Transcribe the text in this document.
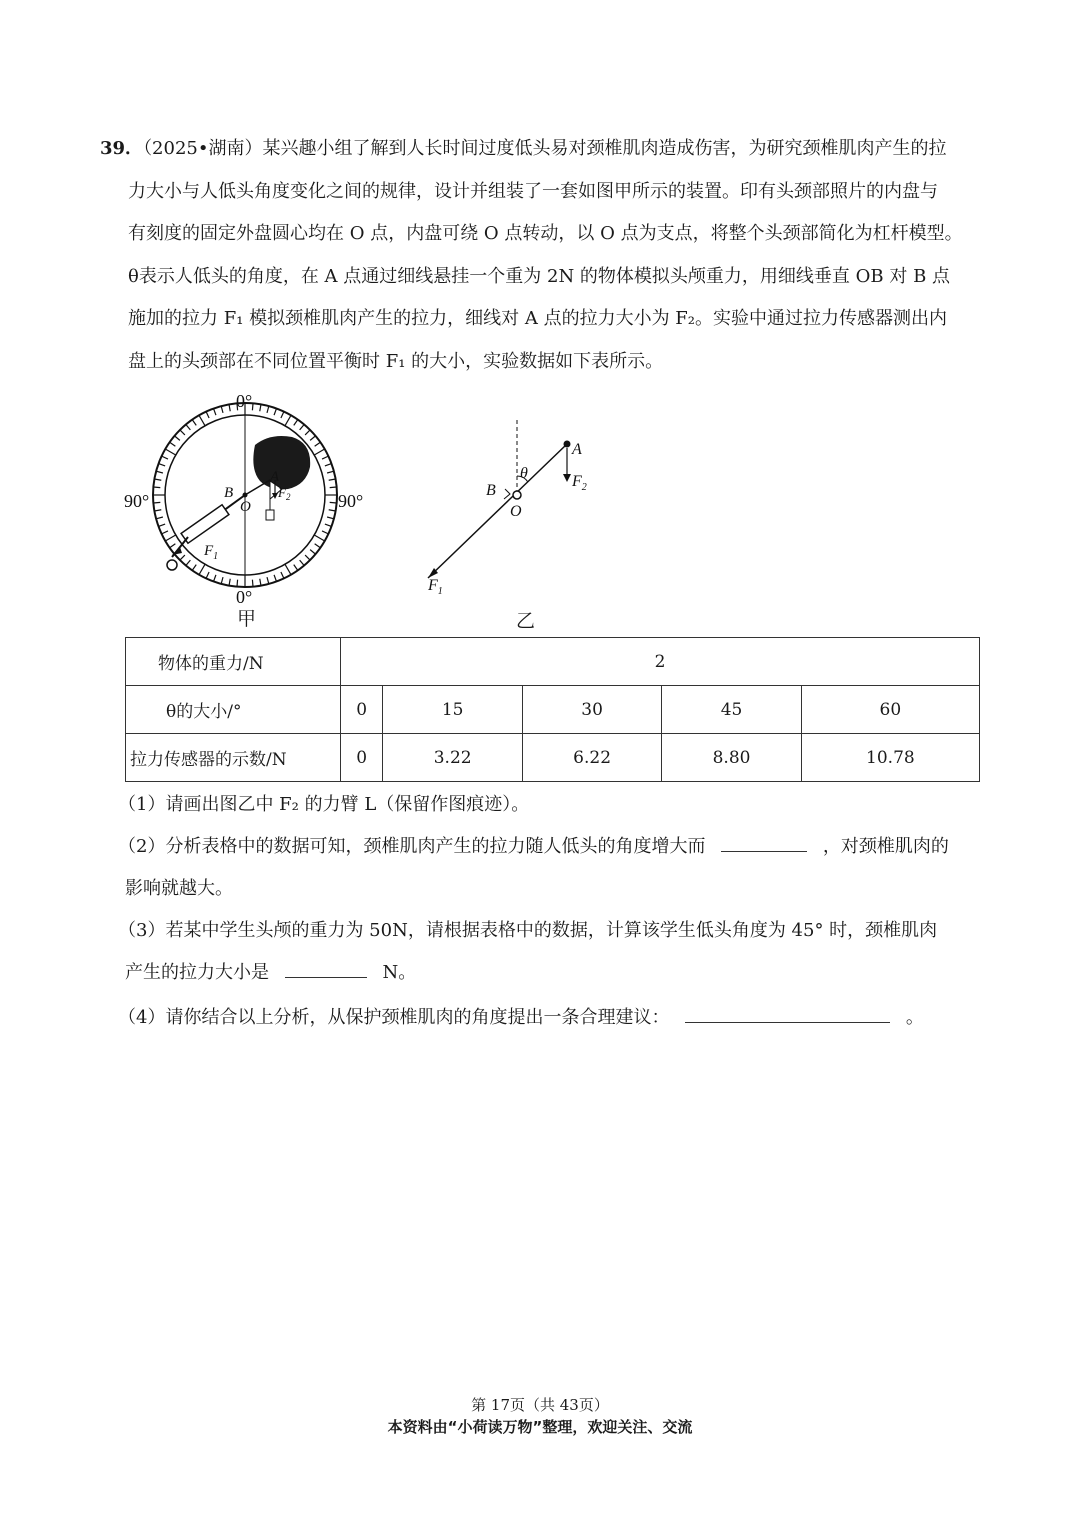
39．（2025•湖南）某兴趣小组了解到人长时间过度低头易对颈椎肌肉造成伤害，为研究颈椎肌肉产生的拉
力大小与人低头角度变化之间的规律，设计并组装了一套如图甲所示的装置。印有头颈部照片的内盘与
有刻度的固定外盘圆心均在 O 点，内盘可绕 O 点转动，以 O 点为支点，将整个头颈部简化为杠杆模型。
θ表示人低头的角度，在 A 点通过细线悬挂一个重为 2N 的物体模拟头颅重力，用细线垂直 OB 对 B 点
施加的拉力 F₁ 模拟颈椎肌肉产生的拉力，细线对 A 点的拉力大小为 F₂。实验中通过拉力传感器测出内
盘上的头颈部在不同位置平衡时 F₁ 的大小，实验数据如下表所示。
0°
0°
90°	90°
A
B
O
$F_1$
$F_2$
甲
θ
A
B
O
$F_2$
$F_1$
乙
物体的重力/N	2				
θ的大小/°	0	15	30	45	60
拉力传感器的示数/N	0	3.22	6.22	8.80	10.78
（1）请画出图乙中 F₂ 的力臂 L（保留作图痕迹）。
（2）分析表格中的数据可知，颈椎肌肉产生的拉力随人低头的角度增大而	，对颈椎肌肉的
影响就越大。
（3）若某中学生头颅的重力为 50N，请根据表格中的数据，计算该学生低头角度为 45° 时，颈椎肌肉
产生的拉力大小是	N。
（4）请你结合以上分析，从保护颈椎肌肉的角度提出一条合理建议：	。
第 17页（共 43页）
本资料由“小荷读万物”整理，欢迎关注、交流
